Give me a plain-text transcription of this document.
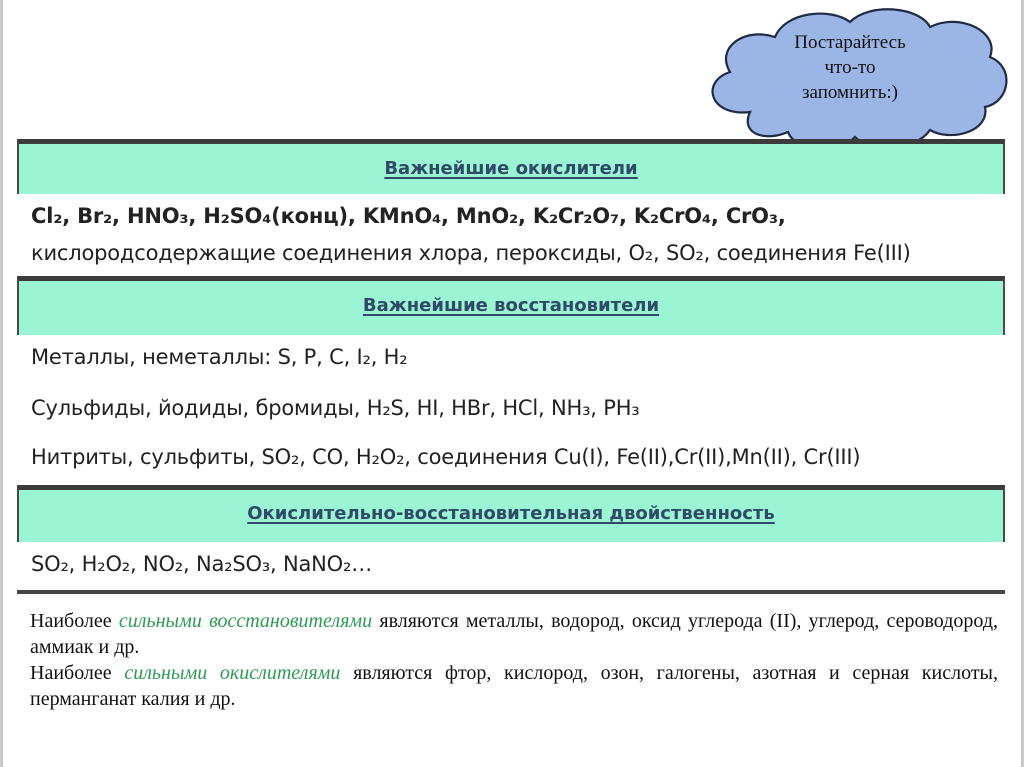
Постарайтесь
что-то
запомнить:)
Важнейшие окислители
Cl₂, Br₂, HNO₃, H₂SO₄(конц), KMnO₄, MnO₂, K₂Cr₂O₇, K₂CrO₄, CrO₃,
кислородсодержащие соединения хлора, пероксиды, O₂, SO₂, соединения Fe(III)
Важнейшие восстановители
Металлы, неметаллы: S, P, C, I₂, H₂
Сульфиды, йодиды, бромиды, H₂S, HI, HBr, HCl, NH₃, PH₃
Нитриты, сульфиты, SO₂, CO, H₂O₂, соединения Cu(I), Fe(II),Cr(II),Mn(II), Cr(III)
Окислительно-восстановительная двойственность
SO₂, H₂O₂, NO₂, Na₂SO₃, NaNO₂…

Наиболее сильными восстановителями являются металлы, водород, оксид углерода (II), углерод, сероводород, аммиак и др.

Наиболее сильными окислителями являются фтор, кислород, озон, галогены, азотная и серная кислоты, перманганат калия и др.
